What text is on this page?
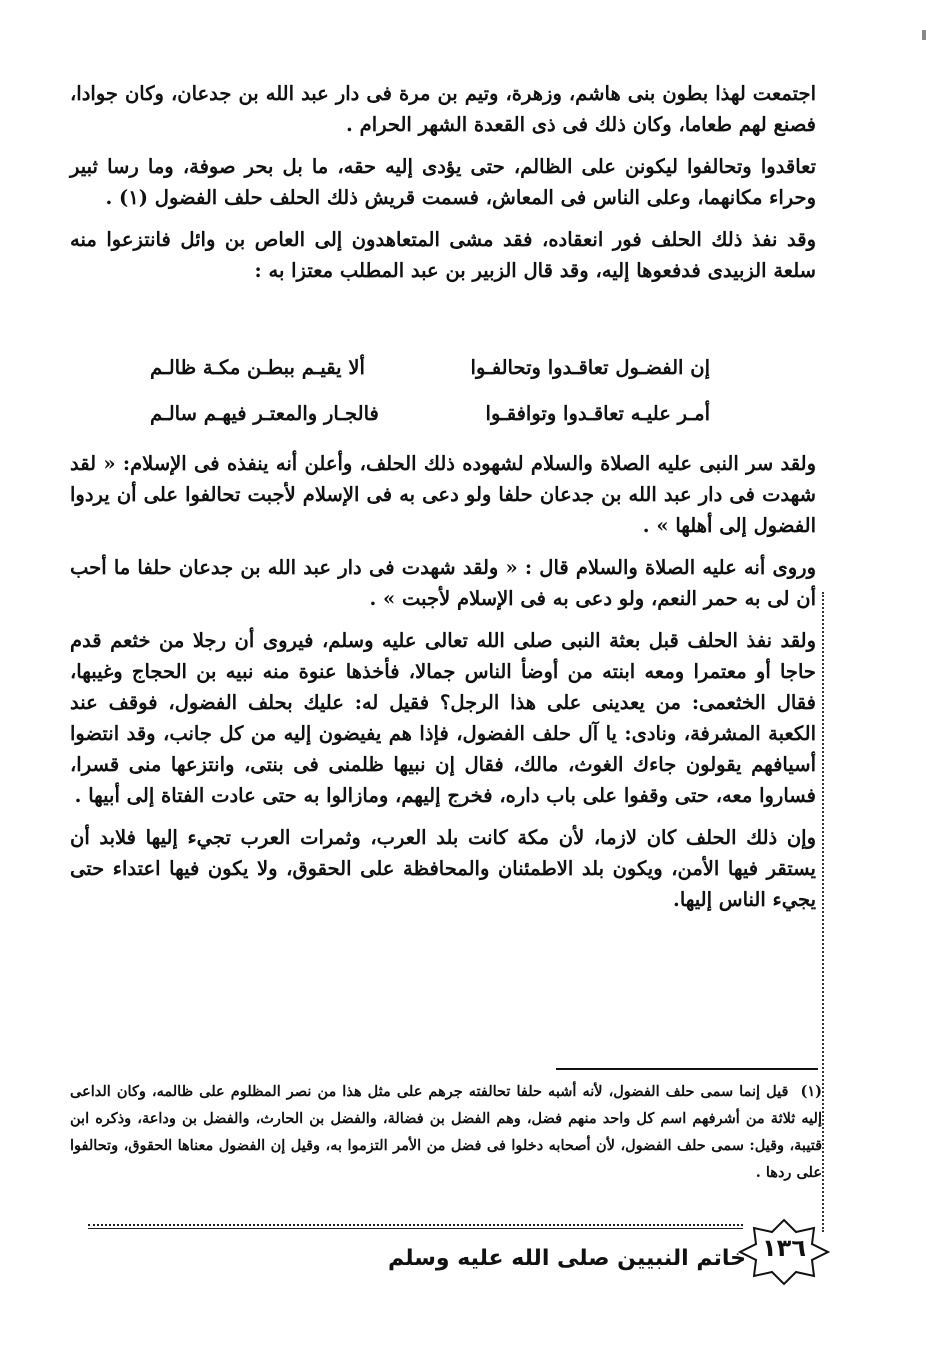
اجتمعت لهذا بطون بنى هاشم، وزهرة، وتيم بن مرة فى دار عبد الله بن جدعان، وكان جوادا، فصنع لهم طعاما، وكان ذلك فى ذى القعدة الشهر الحرام .

تعاقدوا وتحالفوا ليكونن على الظالم، حتى يؤدى إليه حقه، ما بل بحر صوفة، وما رسا ثبير وحراء مكانهما، وعلى الناس فى المعاش، فسمت قريش ذلك الحلف حلف الفضول (١) .

وقد نفذ ذلك الحلف فور انعقاده، فقد مشى المتعاهدون إلى العاص بن وائل فانتزعوا منه سلعة الزبيدى فدفعوها إليه، وقد قال الزبير بن عبد المطلب معتزا به :

إن الفضـول تعاقـدوا وتحالفـوا
ألا يقيـم ببطـن مكـة ظالـم
أمـر عليـه تعاقـدوا وتوافقـوا
فالجـار والمعتـر فيهـم سالـم

ولقد سر النبى عليه الصلاة والسلام لشهوده ذلك الحلف، وأعلن أنه ينفذه فى الإسلام: « لقد شهدت فى دار عبد الله بن جدعان حلفا ولو دعى به فى الإسلام لأجبت تحالفوا على أن يردوا الفضول إلى أهلها » .

وروى أنه عليه الصلاة والسلام قال : « ولقد شهدت فى دار عبد الله بن جدعان حلفا ما أحب أن لى به حمر النعم، ولو دعى به فى الإسلام لأجبت » .

ولقد نفذ الحلف قبل بعثة النبى صلى الله تعالى عليه وسلم، فيروى أن رجلا من خثعم قدم حاجا أو معتمرا ومعه ابنته من أوضأ الناس جمالا، فأخذها عنوة منه نبيه بن الحجاج وغيبها، فقال الخثعمى: من يعدينى على هذا الرجل؟ فقيل له: عليك بحلف الفضول، فوقف عند الكعبة المشرفة، ونادى: يا آل حلف الفضول، فإذا هم يفيضون إليه من كل جانب، وقد انتضوا أسيافهم يقولون جاءك الغوث، مالك، فقال إن نبيها ظلمنى فى بنتى، وانتزعها منى قسرا، فساروا معه، حتى وقفوا على باب داره، فخرج إليهم، ومازالوا به حتى عادت الفتاة إلى أبيها .

وإن ذلك الحلف كان لازما، لأن مكة كانت بلد العرب، وثمرات العرب تجيء إليها فلابد أن يستقر فيها الأمن، ويكون بلد الاطمئنان والمحافظة على الحقوق، ولا يكون فيها اعتداء حتى يجيء الناس إليها.

(١) قيل إنما سمى حلف الفضول، لأنه أشبه حلفا تحالفته جرهم على مثل هذا من نصر المظلوم على ظالمه، وكان الداعى إليه ثلاثة من أشرفهم اسم كل واحد منهم فضل، وهم الفضل بن فضالة، والفضل بن الحارث، والفضل بن وداعة، وذكره ابن قتيبة، وقيل: سمى حلف الفضول، لأن أصحابه دخلوا فى فضل من الأمر التزموا به، وقيل إن الفضول معناها الحقوق، وتحالفوا على ردها .
خاتم النبيين صلى الله عليه وسلم ١٣٦
